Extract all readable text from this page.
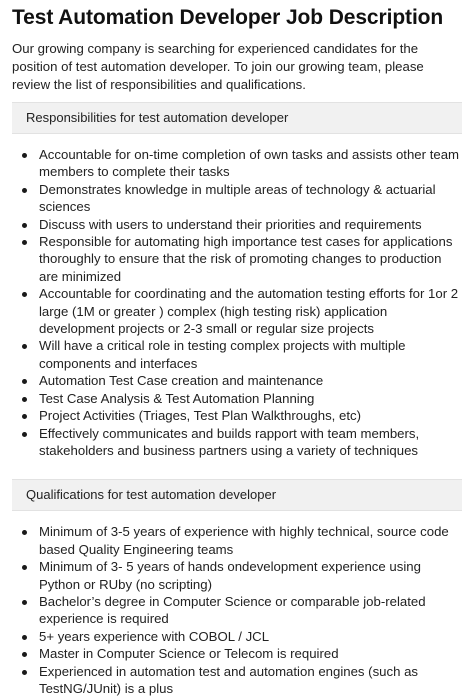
Test Automation Developer Job Description

Our growing company is searching for experienced candidates for the position of test automation developer. To join our growing team, please review the list of responsibilities and qualifications.

Responsibilities for test automation developer
Accountable for on-time completion of own tasks and assists other team members to complete their tasks
Demonstrates knowledge in multiple areas of technology & actuarial sciences
Discuss with users to understand their priorities and requirements
Responsible for automating high importance test cases for applications thoroughly to ensure that the risk of promoting changes to production are minimized
Accountable for coordinating and the automation testing efforts for 1or 2 large (1M or greater ) complex (high testing risk) application development projects or 2-3 small or regular size projects
Will have a critical role in testing complex projects with multiple components and interfaces
Automation Test Case creation and maintenance
Test Case Analysis & Test Automation Planning
Project Activities (Triages, Test Plan Walkthroughs, etc)
Effectively communicates and builds rapport with team members, stakeholders and business partners using a variety of techniques
Qualifications for test automation developer
Minimum of 3-5 years of experience with highly technical, source code based Quality Engineering teams
Minimum of 3- 5 years of hands ondevelopment experience using Python or RUby (no scripting)
Bachelor’s degree in Computer Science or comparable job-related experience is required
5+ years experience with COBOL / JCL
Master in Computer Science or Telecom is required
Experienced in automation test and automation engines (such as TestNG/JUnit) is a plus
